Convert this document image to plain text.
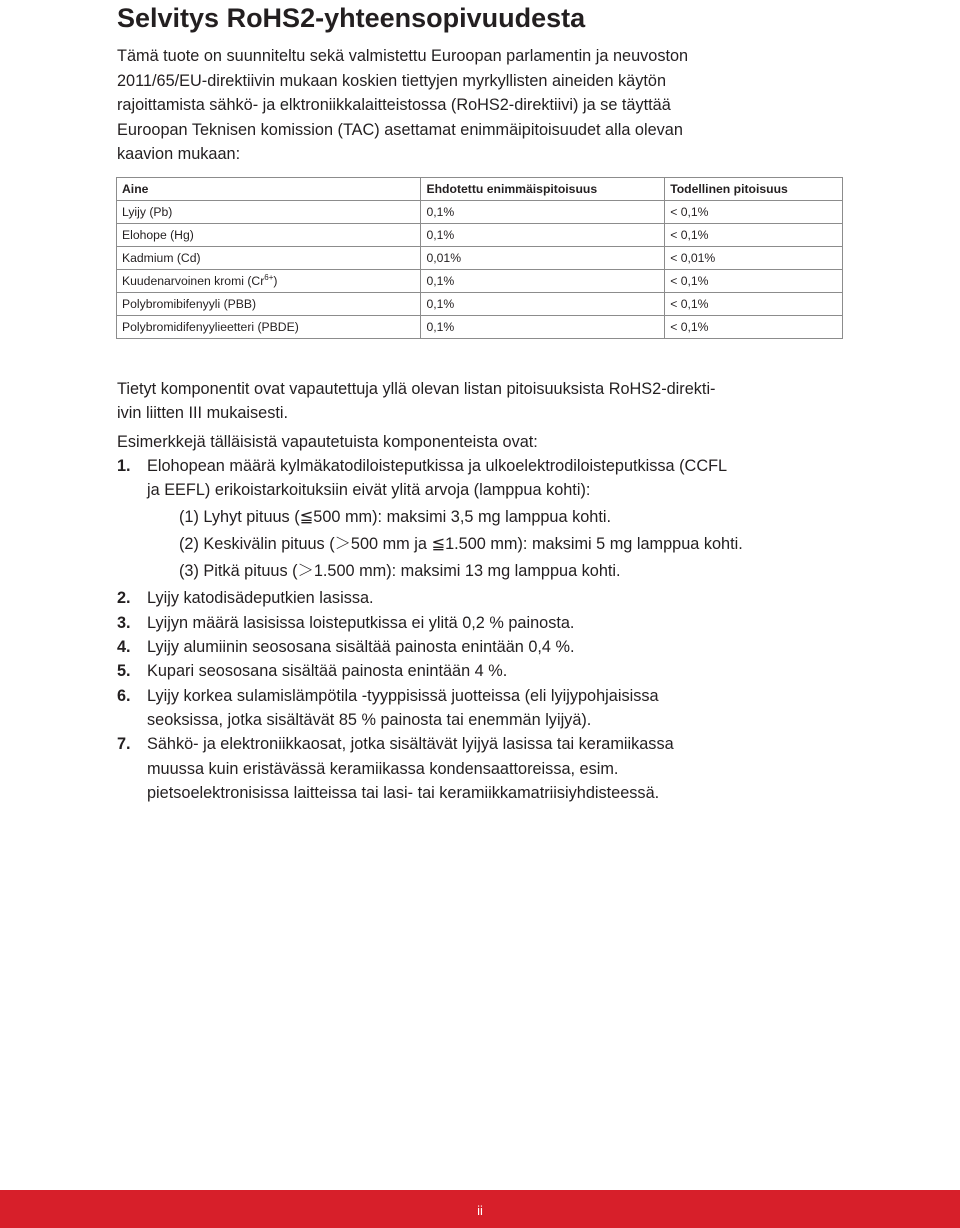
Selvitys RoHS2-yhteensopivuudesta
Tämä tuote on suunniteltu sekä valmistettu Euroopan parlamentin ja neuvoston
2011/65/EU-direktiivin mukaan koskien tiettyjen myrkyllisten aineiden käytön
rajoittamista sähkö- ja elktroniikkalaitteistossa (RoHS2-direktiivi) ja se täyttää
Euroopan Teknisen komission (TAC) asettamat enimmäipitoisuudet alla olevan
kaavion mukaan:
Aine	Ehdotettu enimmäispitoisuus	Todellinen pitoisuus
Lyijy (Pb)	0,1%	< 0,1%
Elohope (Hg)	0,1%	< 0,1%
Kadmium (Cd)	0,01%	< 0,01%
Kuudenarvoinen kromi $(Cr^{6+})$	0,1%	< 0,1%
Polybromibifenyyli (PBB)	0,1%	< 0,1%
Polybromidifenyylieetteri (PBDE)	0,1%	< 0,1%

Tietyt komponentit ovat vapautettuja yllä olevan listan pitoisuuksista RoHS2-direkti-
ivin liitten III mukaisesti.

Esimerkkejä tälläisistä vapautetuista komponenteista ovat:

1. Elohopean määrä kylmäkatodiloisteputkissa ja ulkoelektrodiloisteputkissa (CCFL
ja EEFL) erikoistarkoituksiin eivät ylitä arvoja (lamppua kohti):
(1) Lyhyt pituus (≦500 mm): maksimi 3,5 mg lamppua kohti.
(2) Keskivälin pituus (＞500 mm ja ≦1.500 mm): maksimi 5 mg lamppua kohti.
(3) Pitkä pituus (＞1.500 mm): maksimi 13 mg lamppua kohti.
2. Lyijy katodisädeputkien lasissa.
3. Lyijyn määrä lasisissa loisteputkissa ei ylitä 0,2 % painosta.
4. Lyijy alumiinin seososana sisältää painosta enintään 0,4 %.
5. Kupari seososana sisältää painosta enintään 4 %.
6. Lyijy korkea sulamislämpötila -tyyppisissä juotteissa (eli lyijypohjaisissa
seoksissa, jotka sisältävät 85 % painosta tai enemmän lyijyä).
7. Sähkö- ja elektroniikkaosat, jotka sisältävät lyijyä lasissa tai keramiikassa
muussa kuin eristävässä keramiikassa kondensaattoreissa, esim.
pietsoelektronisissa laitteissa tai lasi- tai keramiikkamatriisiyhdisteessä.
ii
